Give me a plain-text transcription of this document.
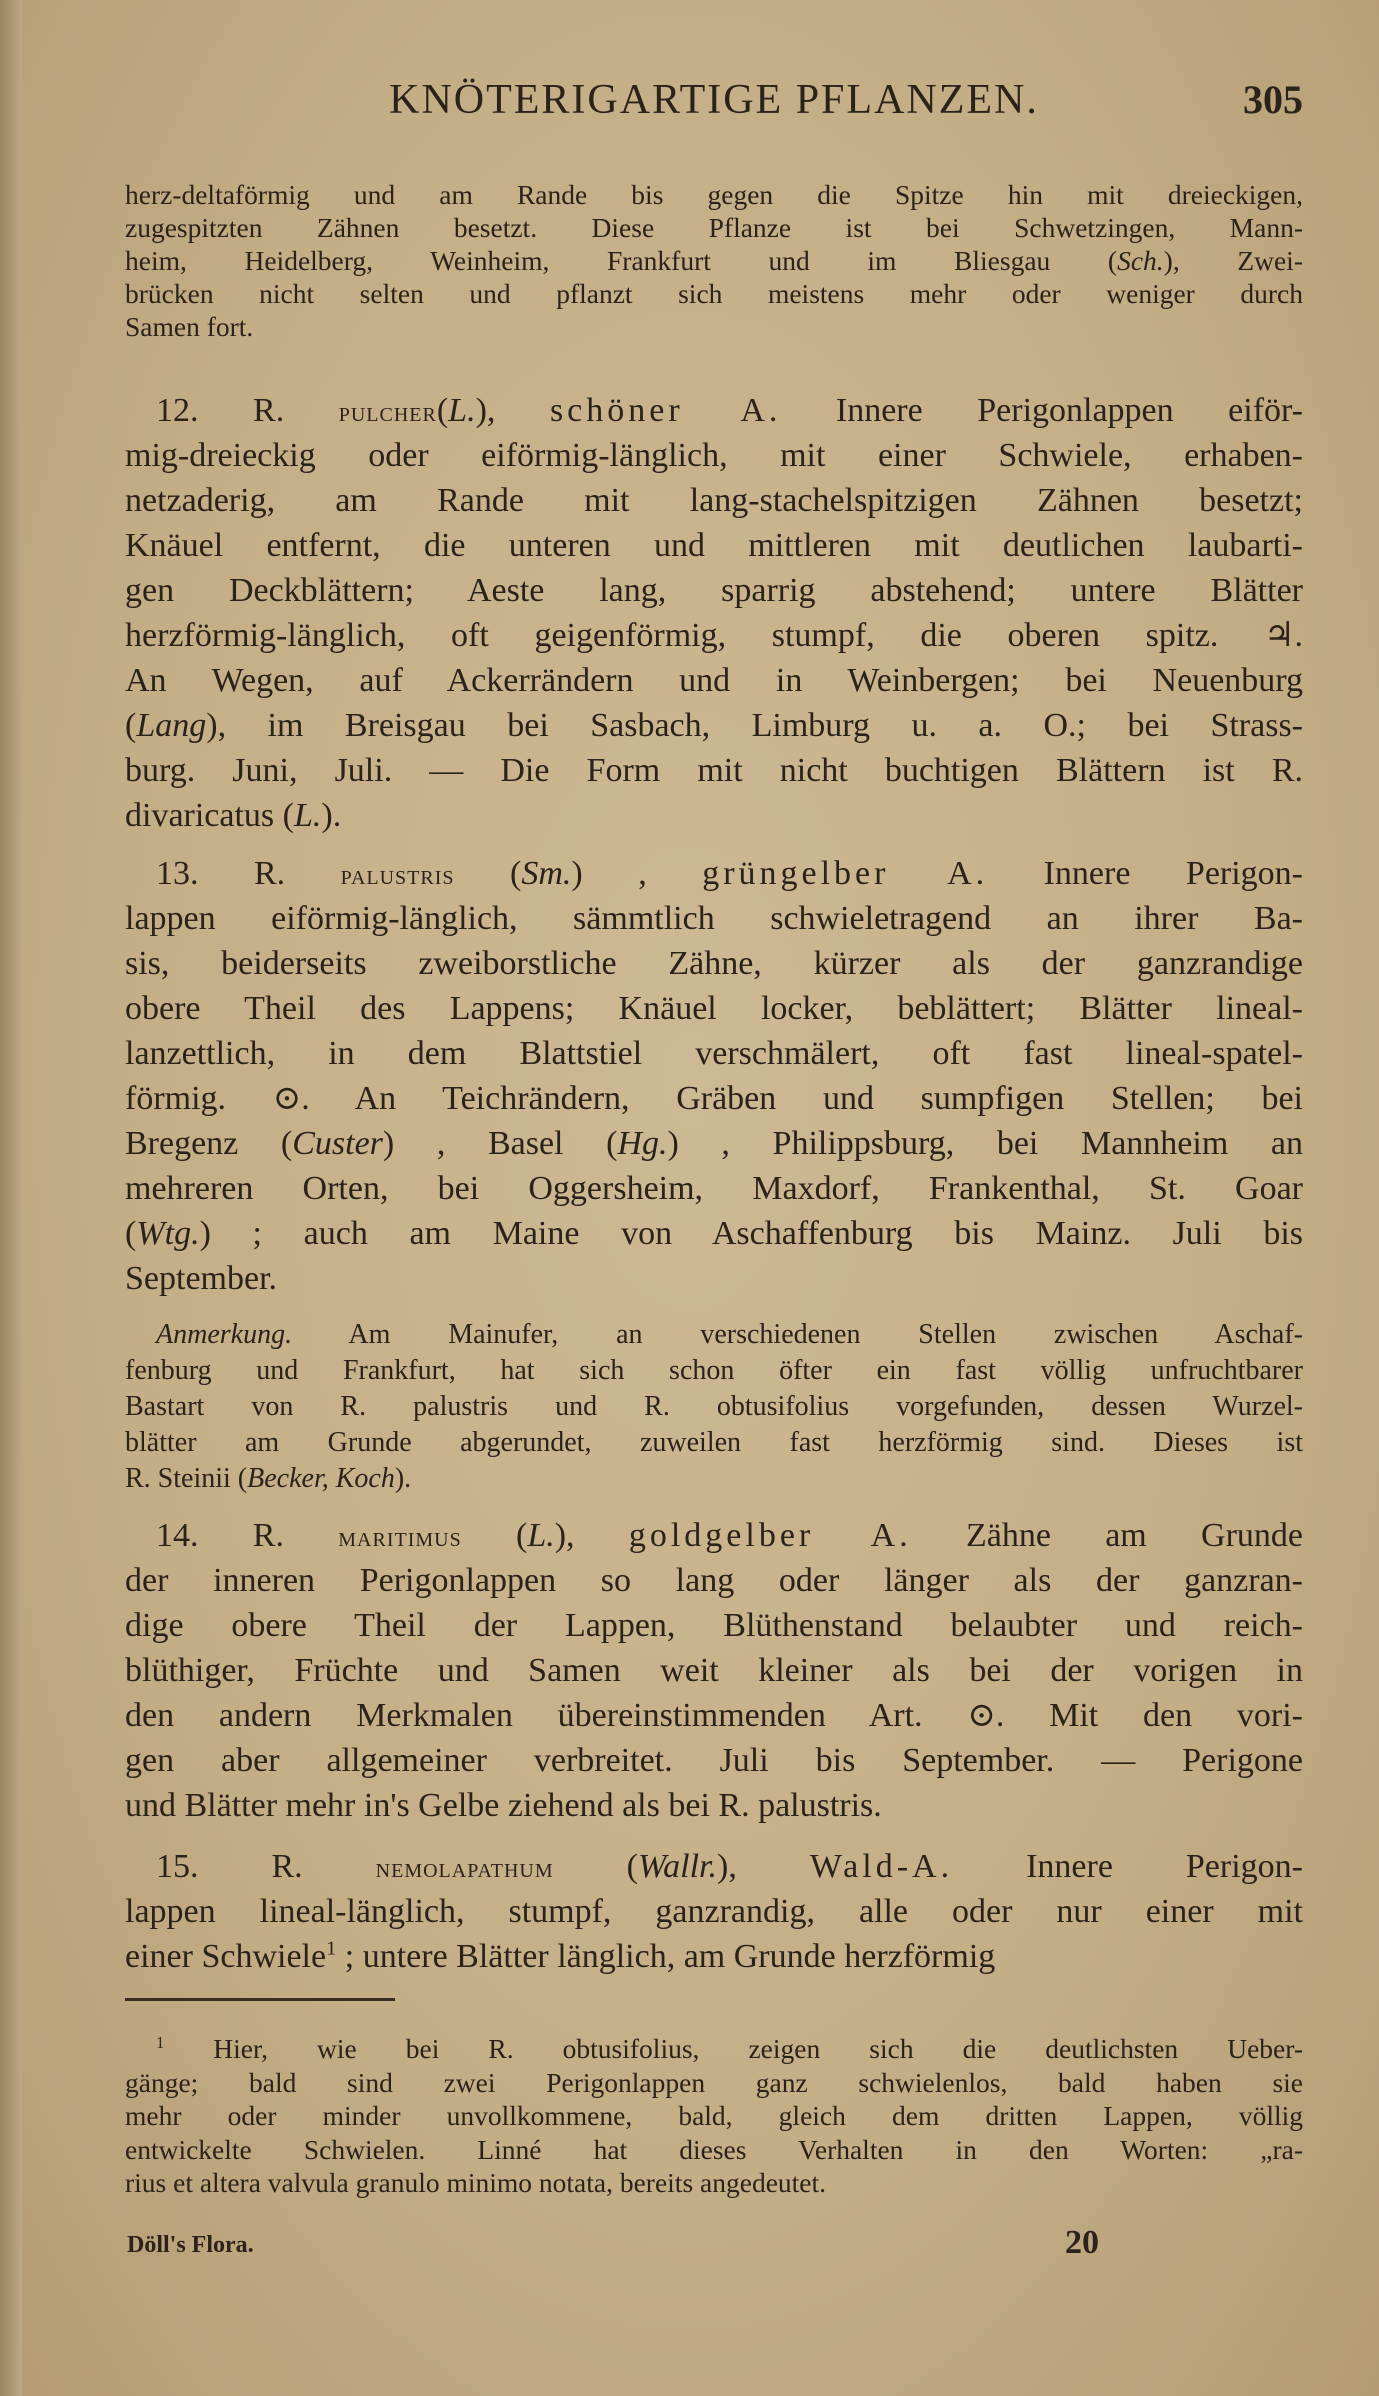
KNÖTERIGARTIGE PFLANZEN.	305
herz-deltaförmig und am Rande bis gegen die Spitze hin mit dreieckigen,
zugespitzten Zähnen besetzt. Diese Pflanze ist bei Schwetzingen, Mann-
heim, Heidelberg, Weinheim, Frankfurt und im Bliesgau (Sch.), Zwei-
brücken nicht selten und pflanzt sich meistens mehr oder weniger durch
Samen fort.
12. R. pulcher(L.), schöner A. Innere Perigonlappen eiför-
mig-dreieckig oder eiförmig-länglich, mit einer Schwiele, erhaben-
netzaderig, am Rande mit lang-stachelspitzigen Zähnen besetzt;
Knäuel entfernt, die unteren und mittleren mit deutlichen laubarti-
gen Deckblättern; Aeste lang, sparrig abstehend; untere Blätter
herzförmig-länglich, oft geigenförmig, stumpf, die oberen spitz. ♃.
An Wegen, auf Ackerrändern und in Weinbergen; bei Neuenburg
(Lang), im Breisgau bei Sasbach, Limburg u. a. O.; bei Strass-
burg. Juni, Juli. — Die Form mit nicht buchtigen Blättern ist R.
divaricatus (L.).
13. R. palustris (Sm.) , grüngelber A. Innere Perigon-
lappen eiförmig-länglich, sämmtlich schwieletragend an ihrer Ba-
sis, beiderseits zweiborstliche Zähne, kürzer als der ganzrandige
obere Theil des Lappens; Knäuel locker, beblättert; Blätter lineal-
lanzettlich, in dem Blattstiel verschmälert, oft fast lineal-spatel-
förmig. ⊙. An Teichrändern, Gräben und sumpfigen Stellen; bei
Bregenz (Custer) , Basel (Hg.) , Philippsburg, bei Mannheim an
mehreren Orten, bei Oggersheim, Maxdorf, Frankenthal, St. Goar
(Wtg.) ; auch am Maine von Aschaffenburg bis Mainz. Juli bis
September.
Anmerkung. Am Mainufer, an verschiedenen Stellen zwischen Aschaf-
fenburg und Frankfurt, hat sich schon öfter ein fast völlig unfruchtbarer
Bastart von R. palustris und R. obtusifolius vorgefunden, dessen Wurzel-
blätter am Grunde abgerundet, zuweilen fast herzförmig sind. Dieses ist
R. Steinii (Becker, Koch).
14. R. maritimus (L.), goldgelber A. Zähne am Grunde
der inneren Perigonlappen so lang oder länger als der ganzran-
dige obere Theil der Lappen, Blüthenstand belaubter und reich-
blüthiger, Früchte und Samen weit kleiner als bei der vorigen in
den andern Merkmalen übereinstimmenden Art. ⊙. Mit den vori-
gen aber allgemeiner verbreitet. Juli bis September. — Perigone
und Blätter mehr in's Gelbe ziehend als bei R. palustris.
15. R. nemolapathum (Wallr.), Wald-A. Innere Perigon-
lappen lineal-länglich, stumpf, ganzrandig, alle oder nur einer mit
einer Schwiele$^1$ ; untere Blätter länglich, am Grunde herzförmig
$^1$ Hier, wie bei R. obtusifolius, zeigen sich die deutlichsten Ueber-
gänge; bald sind zwei Perigonlappen ganz schwielenlos, bald haben sie
mehr oder minder unvollkommene, bald, gleich dem dritten Lappen, völlig
entwickelte Schwielen. Linné hat dieses Verhalten in den Worten: „ra-
rius et altera valvula granulo minimo notata, bereits angedeutet.
Döll's Flora.	20
